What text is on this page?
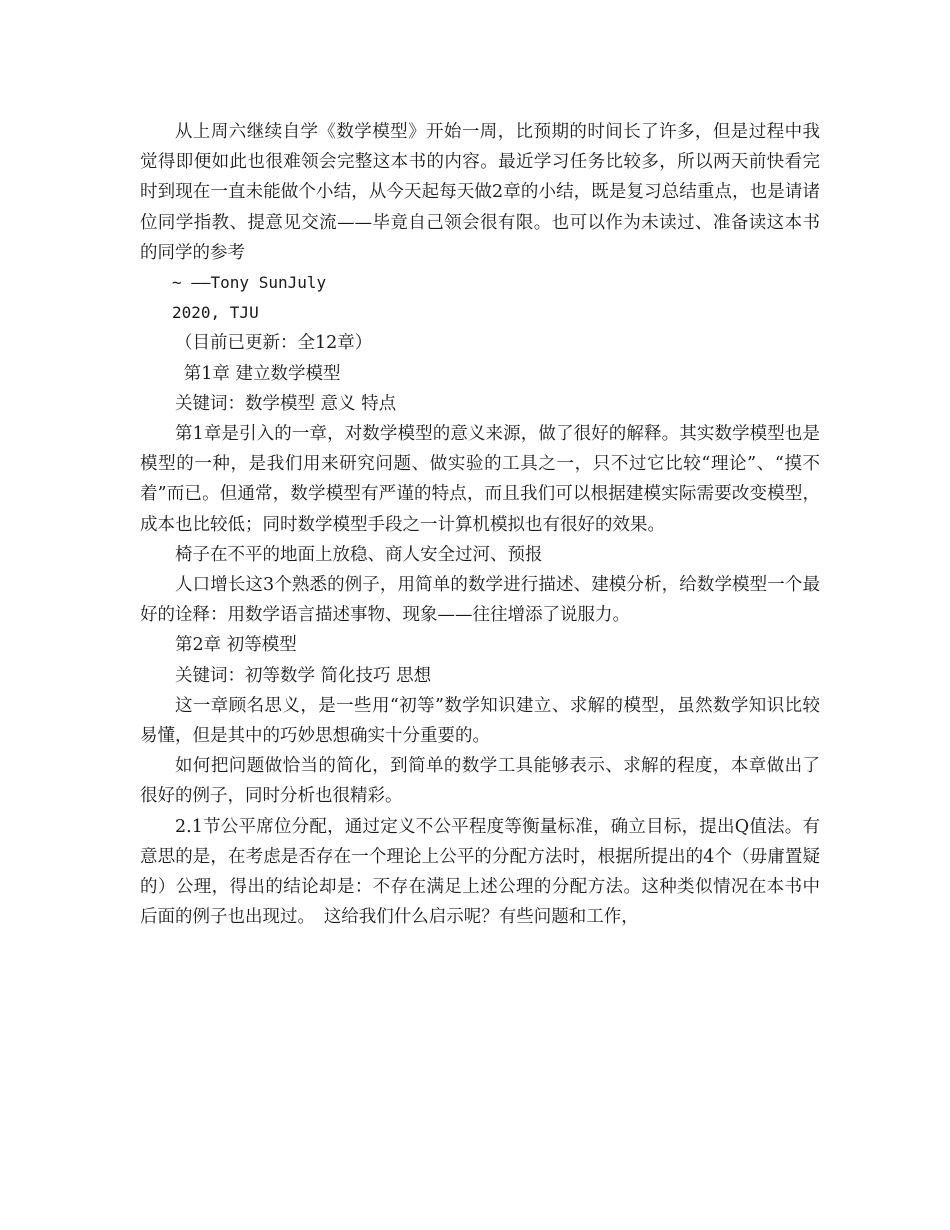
从上周六继续自学《数学模型》开始一周，比预期的时间长了许多，但是过程中我觉得即便如此也很难领会完整这本书的内容。最近学习任务比较多，所以两天前快看完时到现在一直未能做个小结，从今天起每天做2章的小结，既是复习总结重点，也是请诸位同学指教、提意见交流——毕竟自己领会很有限。也可以作为未读过、准备读这本书的同学的参考

~ ——Tony SunJuly

2020, TJU

（目前已更新：全12章）

第1章 建立数学模型

关键词：数学模型 意义 特点

第1章是引入的一章，对数学模型的意义来源，做了很好的解释。其实数学模型也是模型的一种，是我们用来研究问题、做实验的工具之一，只不过它比较“理论”、“摸不着”而已。但通常，数学模型有严谨的特点，而且我们可以根据建模实际需要改变模型，成本也比较低；同时数学模型手段之一计算机模拟也有很好的效果。

椅子在不平的地面上放稳、商人安全过河、预报

人口增长这3个熟悉的例子，用简单的数学进行描述、建模分析，给数学模型一个最好的诠释：用数学语言描述事物、现象——往往增添了说服力。

第2章 初等模型

关键词：初等数学 简化技巧 思想

这一章顾名思义，是一些用“初等”数学知识建立、求解的模型，虽然数学知识比较易懂，但是其中的巧妙思想确实十分重要的。

如何把问题做恰当的简化，到简单的数学工具能够表示、求解的程度，本章做出了很好的例子，同时分析也很精彩。

2.1节公平席位分配，通过定义不公平程度等衡量标准，确立目标，提出Q值法。有意思的是，在考虑是否存在一个理论上公平的分配方法时，根据所提出的4个（毋庸置疑的）公理，得出的结论却是：不存在满足上述公理的分配方法。这种类似情况在本书中后面的例子也出现过。　这给我们什么启示呢？有些问题和工作，
